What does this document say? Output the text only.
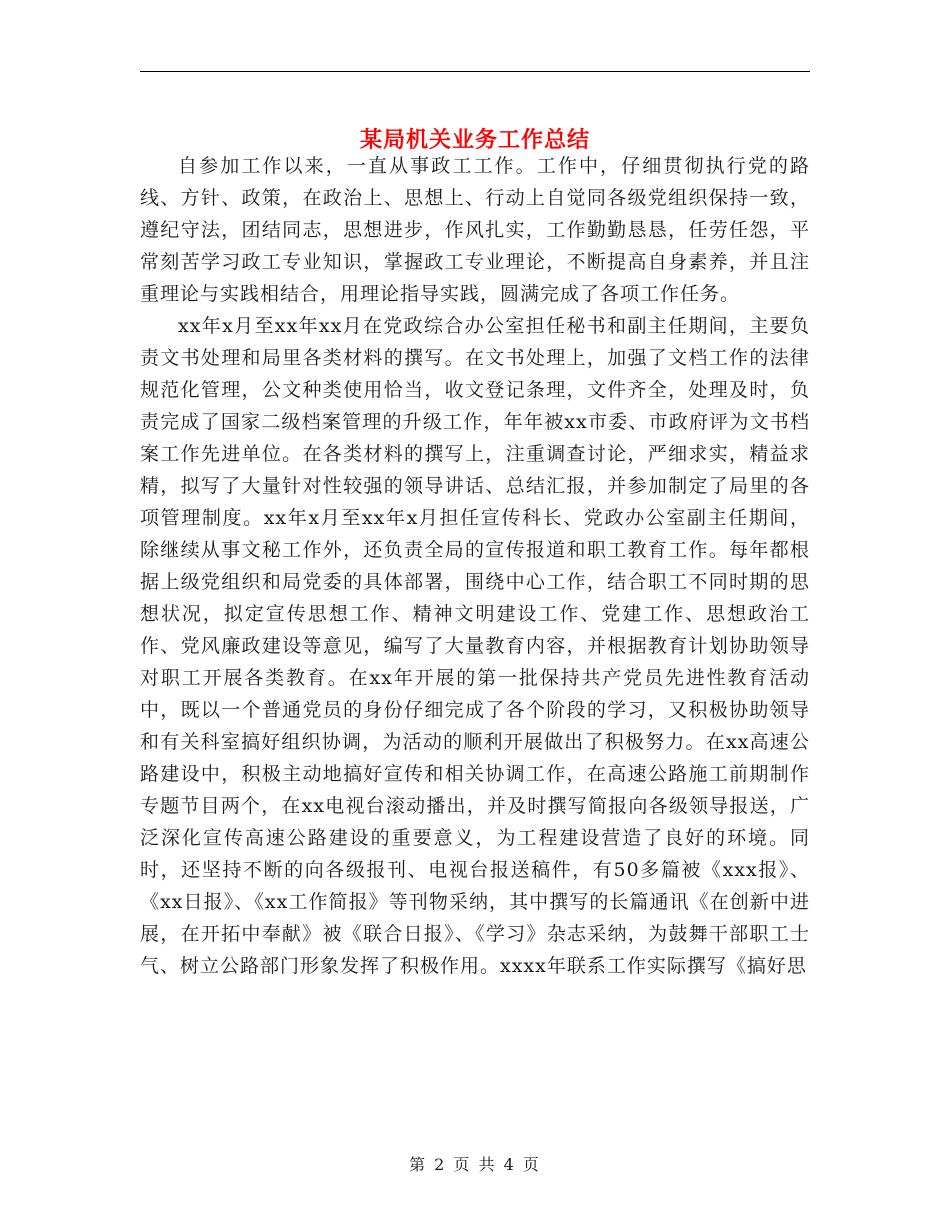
某局机关业务工作总结

自参加工作以来，一直从事政工工作。工作中，仔细贯彻执行党的路线、方针、政策，在政治上、思想上、行动上自觉同各级党组织保持一致，遵纪守法，团结同志，思想进步，作风扎实，工作勤勤恳恳，任劳任怨，平常刻苦学习政工专业知识，掌握政工专业理论，不断提高自身素养，并且注重理论与实践相结合，用理论指导实践，圆满完成了各项工作任务。

xx年x月至xx年xx月在党政综合办公室担任秘书和副主任期间，主要负责文书处理和局里各类材料的撰写。在文书处理上，加强了文档工作的法律规范化管理，公文种类使用恰当，收文登记条理，文件齐全，处理及时，负责完成了国家二级档案管理的升级工作，年年被xx市委、市政府评为文书档案工作先进单位。在各类材料的撰写上，注重调查讨论，严细求实，精益求精，拟写了大量针对性较强的领导讲话、总结汇报，并参加制定了局里的各项管理制度。xx年x月至xx年x月担任宣传科长、党政办公室副主任期间，除继续从事文秘工作外，还负责全局的宣传报道和职工教育工作。每年都根据上级党组织和局党委的具体部署，围绕中心工作，结合职工不同时期的思想状况，拟定宣传思想工作、精神文明建设工作、党建工作、思想政治工作、党风廉政建设等意见，编写了大量教育内容，并根据教育计划协助领导对职工开展各类教育。在xx年开展的第一批保持共产党员先进性教育活动中，既以一个普通党员的身份仔细完成了各个阶段的学习，又积极协助领导和有关科室搞好组织协调，为活动的顺利开展做出了积极努力。在xx高速公路建设中，积极主动地搞好宣传和相关协调工作，在高速公路施工前期制作专题节目两个，在xx电视台滚动播出，并及时撰写简报向各级领导报送，广泛深化宣传高速公路建设的重要意义，为工程建设营造了良好的环境。同时，还坚持不断的向各级报刊、电视台报送稿件，有50多篇被《xxx报》、《xx日报》、《xx工作简报》等刊物采纳，其中撰写的长篇通讯《在创新中进展，在开拓中奉献》被《联合日报》、《学习》杂志采纳，为鼓舞干部职工士气、树立公路部门形象发挥了积极作用。xxxx年联系工作实际撰写《搞好思

第 2 页 共 4 页
